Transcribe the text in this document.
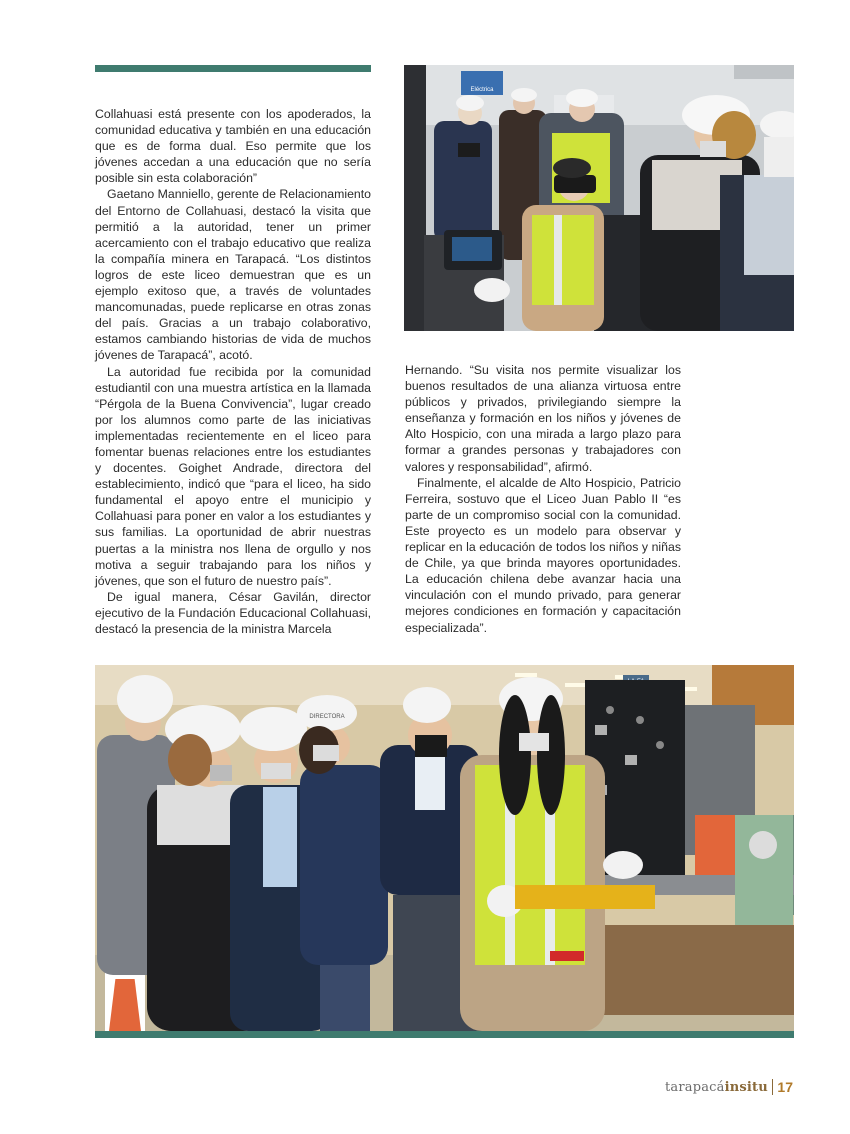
Collahuasi está presente con los apoderados, la comunidad educativa y también en una educación que es de forma dual. Eso permite que los jóvenes accedan a una educación que no sería posible sin esta colaboración”

Gaetano Manniello, gerente de Relacionamiento del Entorno de Collahuasi, destacó la visita que permitió a la autoridad, tener un primer acercamiento con el trabajo educativo que realiza la compañía minera en Tarapacá. “Los distintos logros de este liceo demuestran que es un ejemplo exitoso que, a través de voluntades mancomunadas, puede replicarse en otras zonas del país. Gracias a un trabajo colaborativo, estamos cambiando historias de vida de muchos jóvenes de Tarapacá”, acotó.

La autoridad fue recibida por la comunidad estudiantil con una muestra artística en la llamada “Pérgola de la Buena Convivencia”, lugar creado por los alumnos como parte de las iniciativas implementadas recientemente en el liceo para fomentar buenas relaciones entre los estudiantes y docentes. Goighet Andrade, directora del establecimiento, indicó que “para el liceo, ha sido fundamental el apoyo entre el municipio y Collahuasi para poner en valor a los estudiantes y sus familias. La oportunidad de abrir nuestras puertas a la ministra nos llena de orgullo y nos motiva a seguir trabajando para los niños y jóvenes, que son el futuro de nuestro país”.

De igual manera, César Gavilán, director ejecutivo de la Fundación Educacional Collahuasi, destacó la presencia de la ministra Marcela

Eléctrica

Hernando. “Su visita nos permite visualizar los buenos resultados de una alianza virtuosa entre públicos y privados, privilegiando siempre la enseñanza y formación en los niños y jóvenes de Alto Hospicio, con una mirada a largo plazo para formar a grandes personas y trabajadores con valores y responsabilidad”, afirmó.

Finalmente, el alcalde de Alto Hospicio, Patricio Ferreira, sostuvo que el Liceo Juan Pablo II “es parte de un compromiso social con la comunidad. Este proyecto es un modelo para observar y replicar en la educación de todos los niños y niñas de Chile, ya que brinda mayores oportunidades. La educación chilena debe avanzar hacia una vinculación con el mundo privado, para generar mejores condiciones en formación y capacitación especializada”.

DIRECTORA
tarapacáinsitu 17
